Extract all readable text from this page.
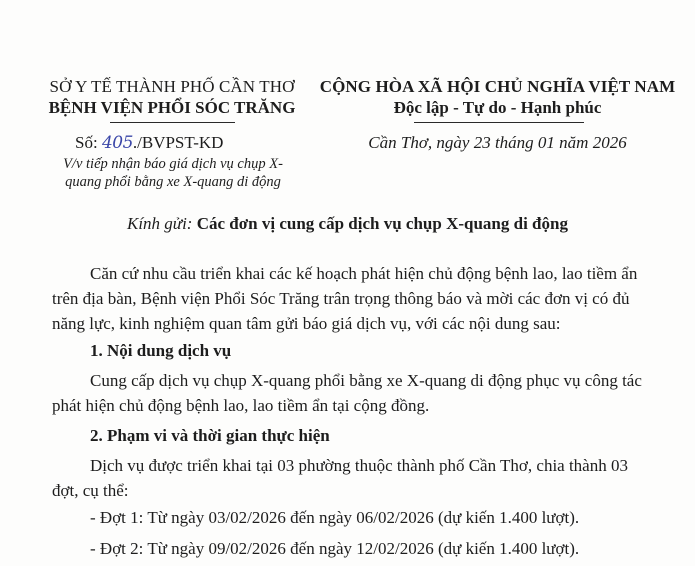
SỞ Y TẾ THÀNH PHỐ CẦN THƠ
BỆNH VIỆN PHỔI SÓC TRĂNG
CỘNG HÒA XÃ HỘI CHỦ NGHĨA VIỆT NAM
Độc lập - Tự do - Hạnh phúc
Số: 405./BVPST-KD	Cần Thơ, ngày 23 tháng 01 năm 2026
V/v tiếp nhận báo giá dịch vụ chụp X-quang phổi bằng xe X-quang di động
Kính gửi: Các đơn vị cung cấp dịch vụ chụp X-quang di động
Căn cứ nhu cầu triển khai các kế hoạch phát hiện chủ động bệnh lao, lao tiềm ẩn trên địa bàn, Bệnh viện Phổi Sóc Trăng trân trọng thông báo và mời các đơn vị có đủ năng lực, kinh nghiệm quan tâm gửi báo giá dịch vụ, với các nội dung sau:
1. Nội dung dịch vụ
Cung cấp dịch vụ chụp X-quang phổi bằng xe X-quang di động phục vụ công tác phát hiện chủ động bệnh lao, lao tiềm ẩn tại cộng đồng.
2. Phạm vi và thời gian thực hiện
Dịch vụ được triển khai tại 03 phường thuộc thành phố Cần Thơ, chia thành 03 đợt, cụ thể:
- Đợt 1: Từ ngày 03/02/2026 đến ngày 06/02/2026 (dự kiến 1.400 lượt).
- Đợt 2: Từ ngày 09/02/2026 đến ngày 12/02/2026 (dự kiến 1.400 lượt).
